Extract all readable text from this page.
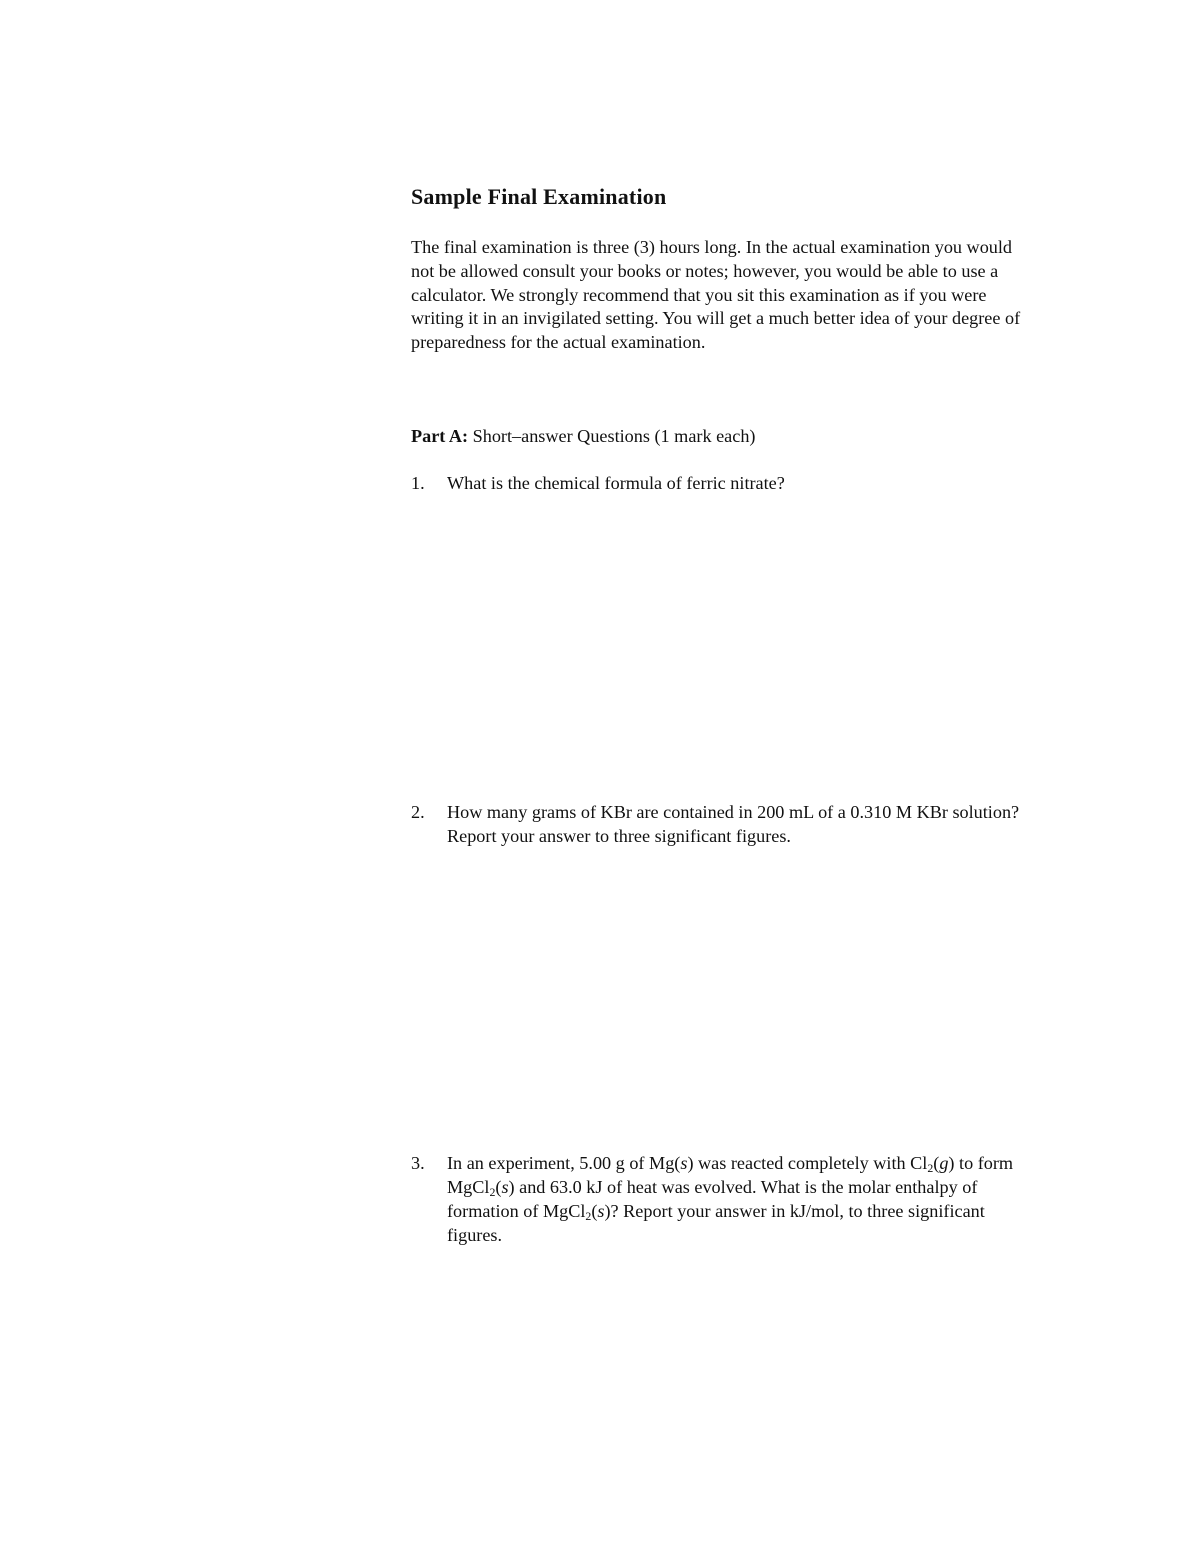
Sample Final Examination

The final examination is three (3) hours long. In the actual examination you would not be allowed consult your books or notes; however, you would be able to use a calculator. We strongly recommend that you sit this examination as if you were writing it in an invigilated setting. You will get a much better idea of your degree of preparedness for the actual examination.

Part A: Short–answer Questions (1 mark each)

1. What is the chemical formula of ferric nitrate?
2. How many grams of KBr are contained in 200 mL of a 0.310 M KBr solution? Report your answer to three significant figures.
3. In an experiment, 5.00 g of Mg(s) was reacted completely with $Cl_2(g)$ to form MgCl$_2$(s) and 63.0 kJ of heat was evolved. What is the molar enthalpy of formation of MgCl$_2$(s)? Report your answer in kJ/mol, to three significant figures.
